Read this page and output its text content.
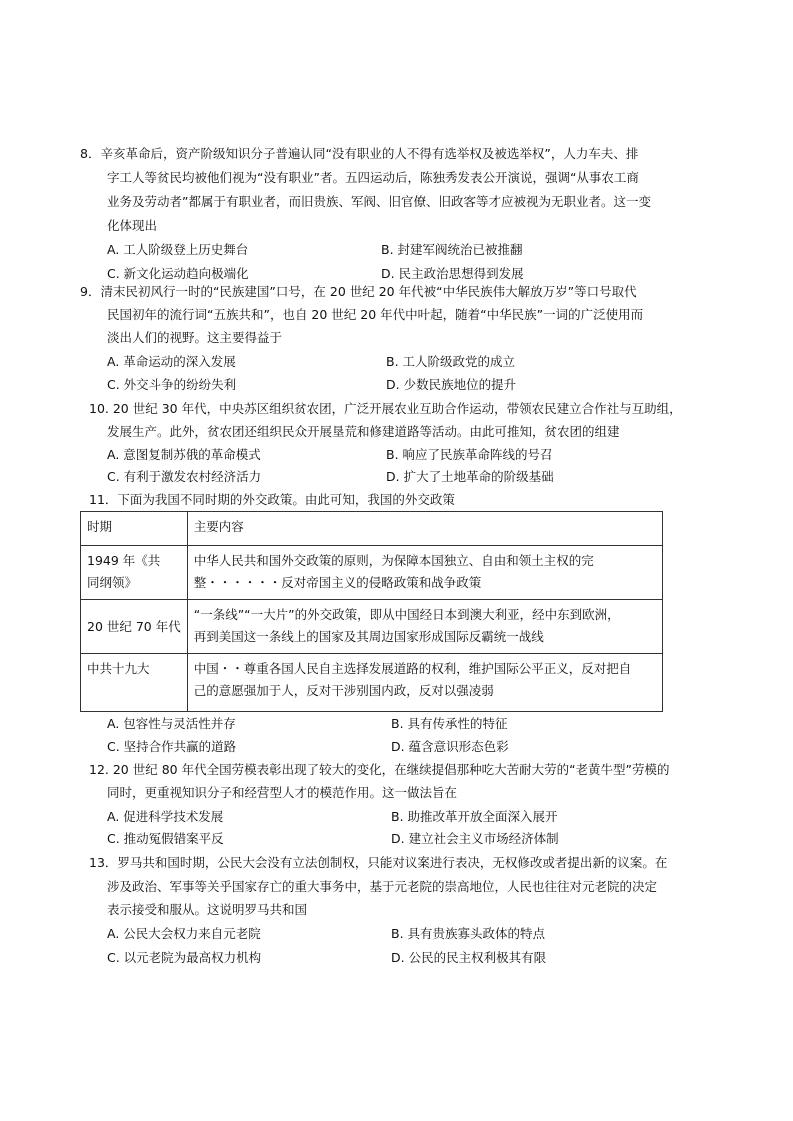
8．辛亥革命后，资产阶级知识分子普遍认同“没有职业的人不得有选举权及被选举权”，人力车夫、排
字工人等贫民均被他们视为“没有职业”者。五四运动后，陈独秀发表公开演说，强调“从事农工商
业务及劳动者”都属于有职业者，而旧贵族、军阀、旧官僚、旧政客等才应被视为无职业者。这一变
化体现出
A. 工人阶级登上历史舞台	B. 封建军阀统治已被推翻
C. 新文化运动趋向极端化	D. 民主政治思想得到发展
9．清末民初风行一时的“民族建国”口号，在 20 世纪 20 年代被“中华民族伟大解放万岁”等口号取代
民国初年的流行词“五族共和”，也自 20 世纪 20 年代中叶起，随着“中华民族”一词的广泛使用而
淡出人们的视野。这主要得益于
A. 革命运动的深入发展	B. 工人阶级政党的成立
C. 外交斗争的纷纷失利	D. 少数民族地位的提升
10. 20 世纪 30 年代，中央苏区组织贫农团，广泛开展农业互助合作运动，带领农民建立合作社与互助组，
发展生产。此外，贫农团还组织民众开展垦荒和修建道路等活动。由此可推知，贫农团的组建
A. 意图复制苏俄的革命模式	B. 响应了民族革命阵线的号召
C. 有利于激发农村经济活力	D. 扩大了土地革命的阶级基础
11．下面为我国不同时期的外交政策。由此可知，我国的外交政策
时期	主要内容

1949 年《共
同纲领》	中华人民共和国外交政策的原则，为保障本国独立、自由和领土主权的完
整・・・・・・反对帝国主义的侵略政策和战争政策

20 世纪 70 年代	“一条线”“一大片”的外交政策，即从中国经日本到澳大利亚，经中东到欧洲，
再到美国这一条线上的国家及其周边国家形成国际反霸统一战线

中共十九大	中国・・尊重各国人民自主选择发展道路的权利，维护国际公平正义，反对把自
己的意愿强加于人，反对干涉别国内政，反对以强凌弱
A. 包容性与灵活性并存	B. 具有传承性的特征
C. 坚持合作共赢的道路	D. 蕴含意识形态色彩
12. 20 世纪 80 年代全国劳模表彰出现了较大的变化，在继续提倡那种吃大苦耐大劳的“老黄牛型”劳模的
同时，更重视知识分子和经营型人才的模范作用。这一做法旨在
A. 促进科学技术发展	B. 助推改革开放全面深入展开
C. 推动冤假错案平反	D. 建立社会主义市场经济体制
13．罗马共和国时期，公民大会没有立法创制权，只能对议案进行表决，无权修改或者提出新的议案。在
涉及政治、军事等关乎国家存亡的重大事务中，基于元老院的崇高地位，人民也往往对元老院的决定
表示接受和服从。这说明罗马共和国
A. 公民大会权力来自元老院	B. 具有贵族寡头政体的特点
C. 以元老院为最高权力机构	D. 公民的民主权利极其有限
